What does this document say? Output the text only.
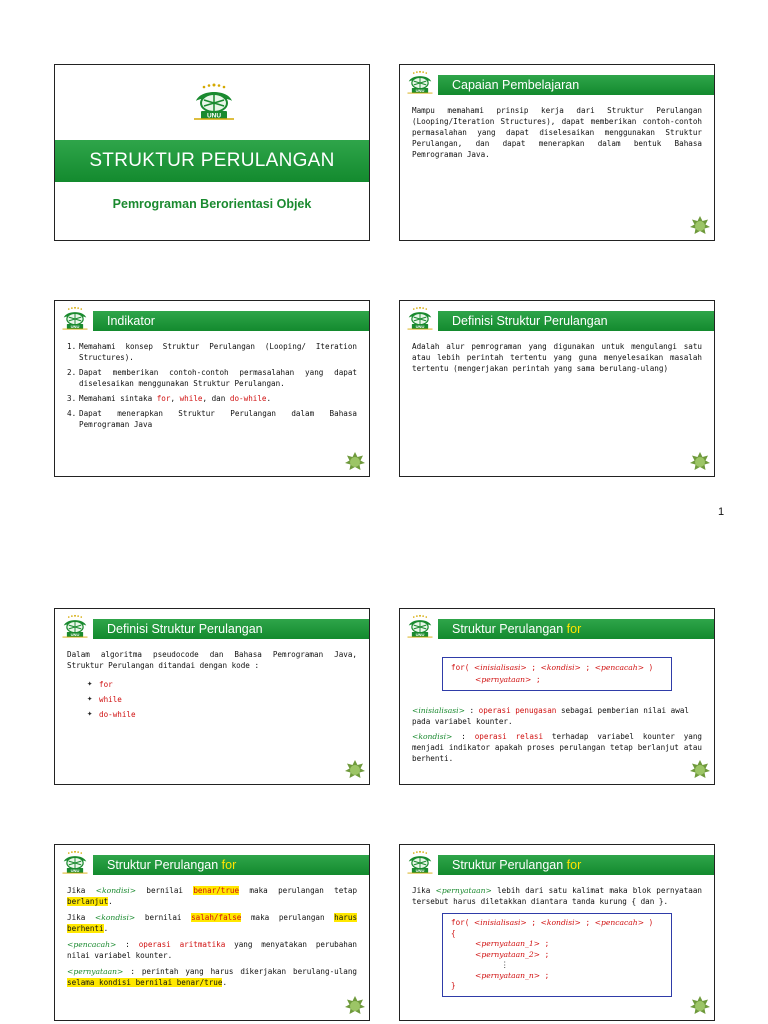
STRUKTUR PERULANGAN
Pemrograman Berorientasi Objek
Capaian Pembelajaran
Mampu memahami prinsip kerja dari Struktur Perulangan (Looping/Iteration Structures), dapat memberikan contoh-contoh permasalahan yang dapat diselesaikan menggunakan Struktur Perulangan, dan dapat menerapkan dalam bentuk Bahasa Pemrograman Java.
Indikator
1. Memahami konsep Struktur Perulangan (Looping/ Iteration Structures).
2. Dapat memberikan contoh-contoh permasalahan yang dapat diselesaikan menggunakan Struktur Perulangan.
3. Memahami sintaka for, while, dan do-while.
4. Dapat menerapkan Struktur Perulangan dalam Bahasa Pemrograman Java
Definisi Struktur Perulangan
Adalah alur pemrograman yang digunakan untuk mengulangi satu atau lebih perintah tertentu yang guna menyelesaikan masalah tertentu (mengerjakan perintah yang sama berulang-ulang)
1
Definisi Struktur Perulangan
Dalam algoritma pseudocode dan Bahasa Pemrograman Java, Struktur Perulangan ditandai dengan kode :
✦ for
✦ while
✦ do-while
Struktur Perulangan for
for( <inisialisasi> ; <kondisi> ; <pencacah> )
<pernyataan> ;
<inisialisasi> : operasi penugasan sebagai pemberian nilai awal pada variabel kounter.
<kondisi> : operasi relasi terhadap variabel kounter yang menjadi indikator apakah proses perulangan tetap berlanjut atau berhenti.
Struktur Perulangan for
Jika <kondisi> bernilai benar/true maka perulangan tetap berlanjut.
Jika <kondisi> bernilai salah/false maka perulangan harus berhenti.
<pencacah> : operasi aritmatika yang menyatakan perubahan nilai variabel kounter.
<pernyataan> : perintah yang harus dikerjakan berulang-ulang selama kondisi bernilai benar/true.
Struktur Perulangan for
Jika <pernyataan> lebih dari satu kalimat maka blok pernyataan tersebut harus diletakkan diantara tanda kurung { dan }.
for( <inisialisasi> ; <kondisi> ; <pencacah> )
{
<pernyataan_1> ;
<pernyataan_2> ;
⋮
<pernyataan_n> ;
}
